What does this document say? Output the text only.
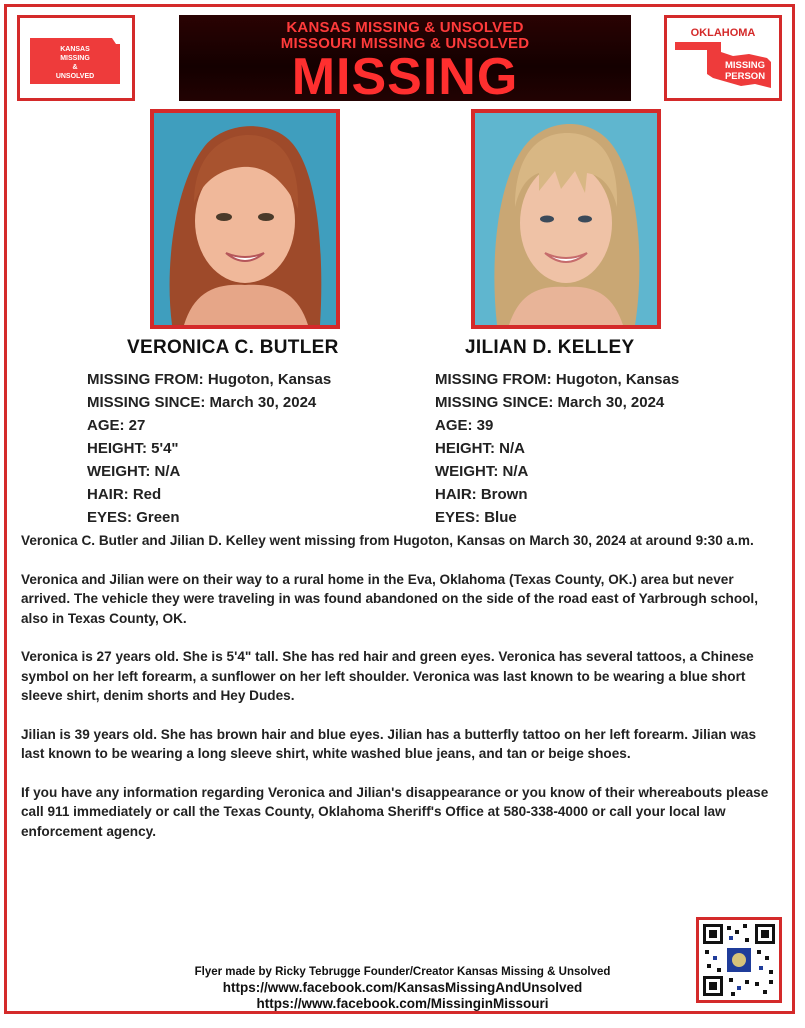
KANSAS
MISSING
&
UNSOLVED
KANSAS MISSING & UNSOLVED
MISSOURI MISSING & UNSOLVED
MISSING
OKLAHOMA
MISSING
PERSON
VERONICA C. BUTLER	JILIAN D. KELLEY
MISSING FROM: Hugoton, Kansas
MISSING SINCE: March 30, 2024
AGE: 27
HEIGHT: 5'4"
WEIGHT: N/A
HAIR: Red
EYES: Green
MISSING FROM: Hugoton, Kansas
MISSING SINCE: March 30, 2024
AGE: 39
HEIGHT: N/A
WEIGHT: N/A
HAIR: Brown
EYES: Blue

Veronica C. Butler and Jilian D. Kelley went missing from Hugoton, Kansas on March 30, 2024 at around 9:30 a.m.

Veronica and Jilian were on their way to a rural home in the Eva, Oklahoma (Texas County, OK.) area but never arrived. The vehicle they were traveling in was found abandoned on the side of the road east of Yarbrough school, also in Texas County, OK.

Veronica is 27 years old. She is 5'4" tall. She has red hair and green eyes. Veronica has several tattoos, a Chinese symbol on her left forearm, a sunflower on her left shoulder. Veronica was last known to be wearing a blue short sleeve shirt, denim shorts and Hey Dudes.

Jilian is 39 years old. She has brown hair and blue eyes. Jilian has a butterfly tattoo on her left forearm. Jilian was last known to be wearing a long sleeve shirt, white washed blue jeans, and tan or beige shoes.

If you have any information regarding Veronica and Jilian's disappearance or you know of their whereabouts please call 911 immediately or call the Texas County, Oklahoma Sheriff's Office at 580-338-4000 or call your local law enforcement agency.

Flyer made by Ricky Tebrugge Founder/Creator Kansas Missing & Unsolved
https://www.facebook.com/KansasMissingAndUnsolved
https://www.facebook.com/MissinginMissouri
